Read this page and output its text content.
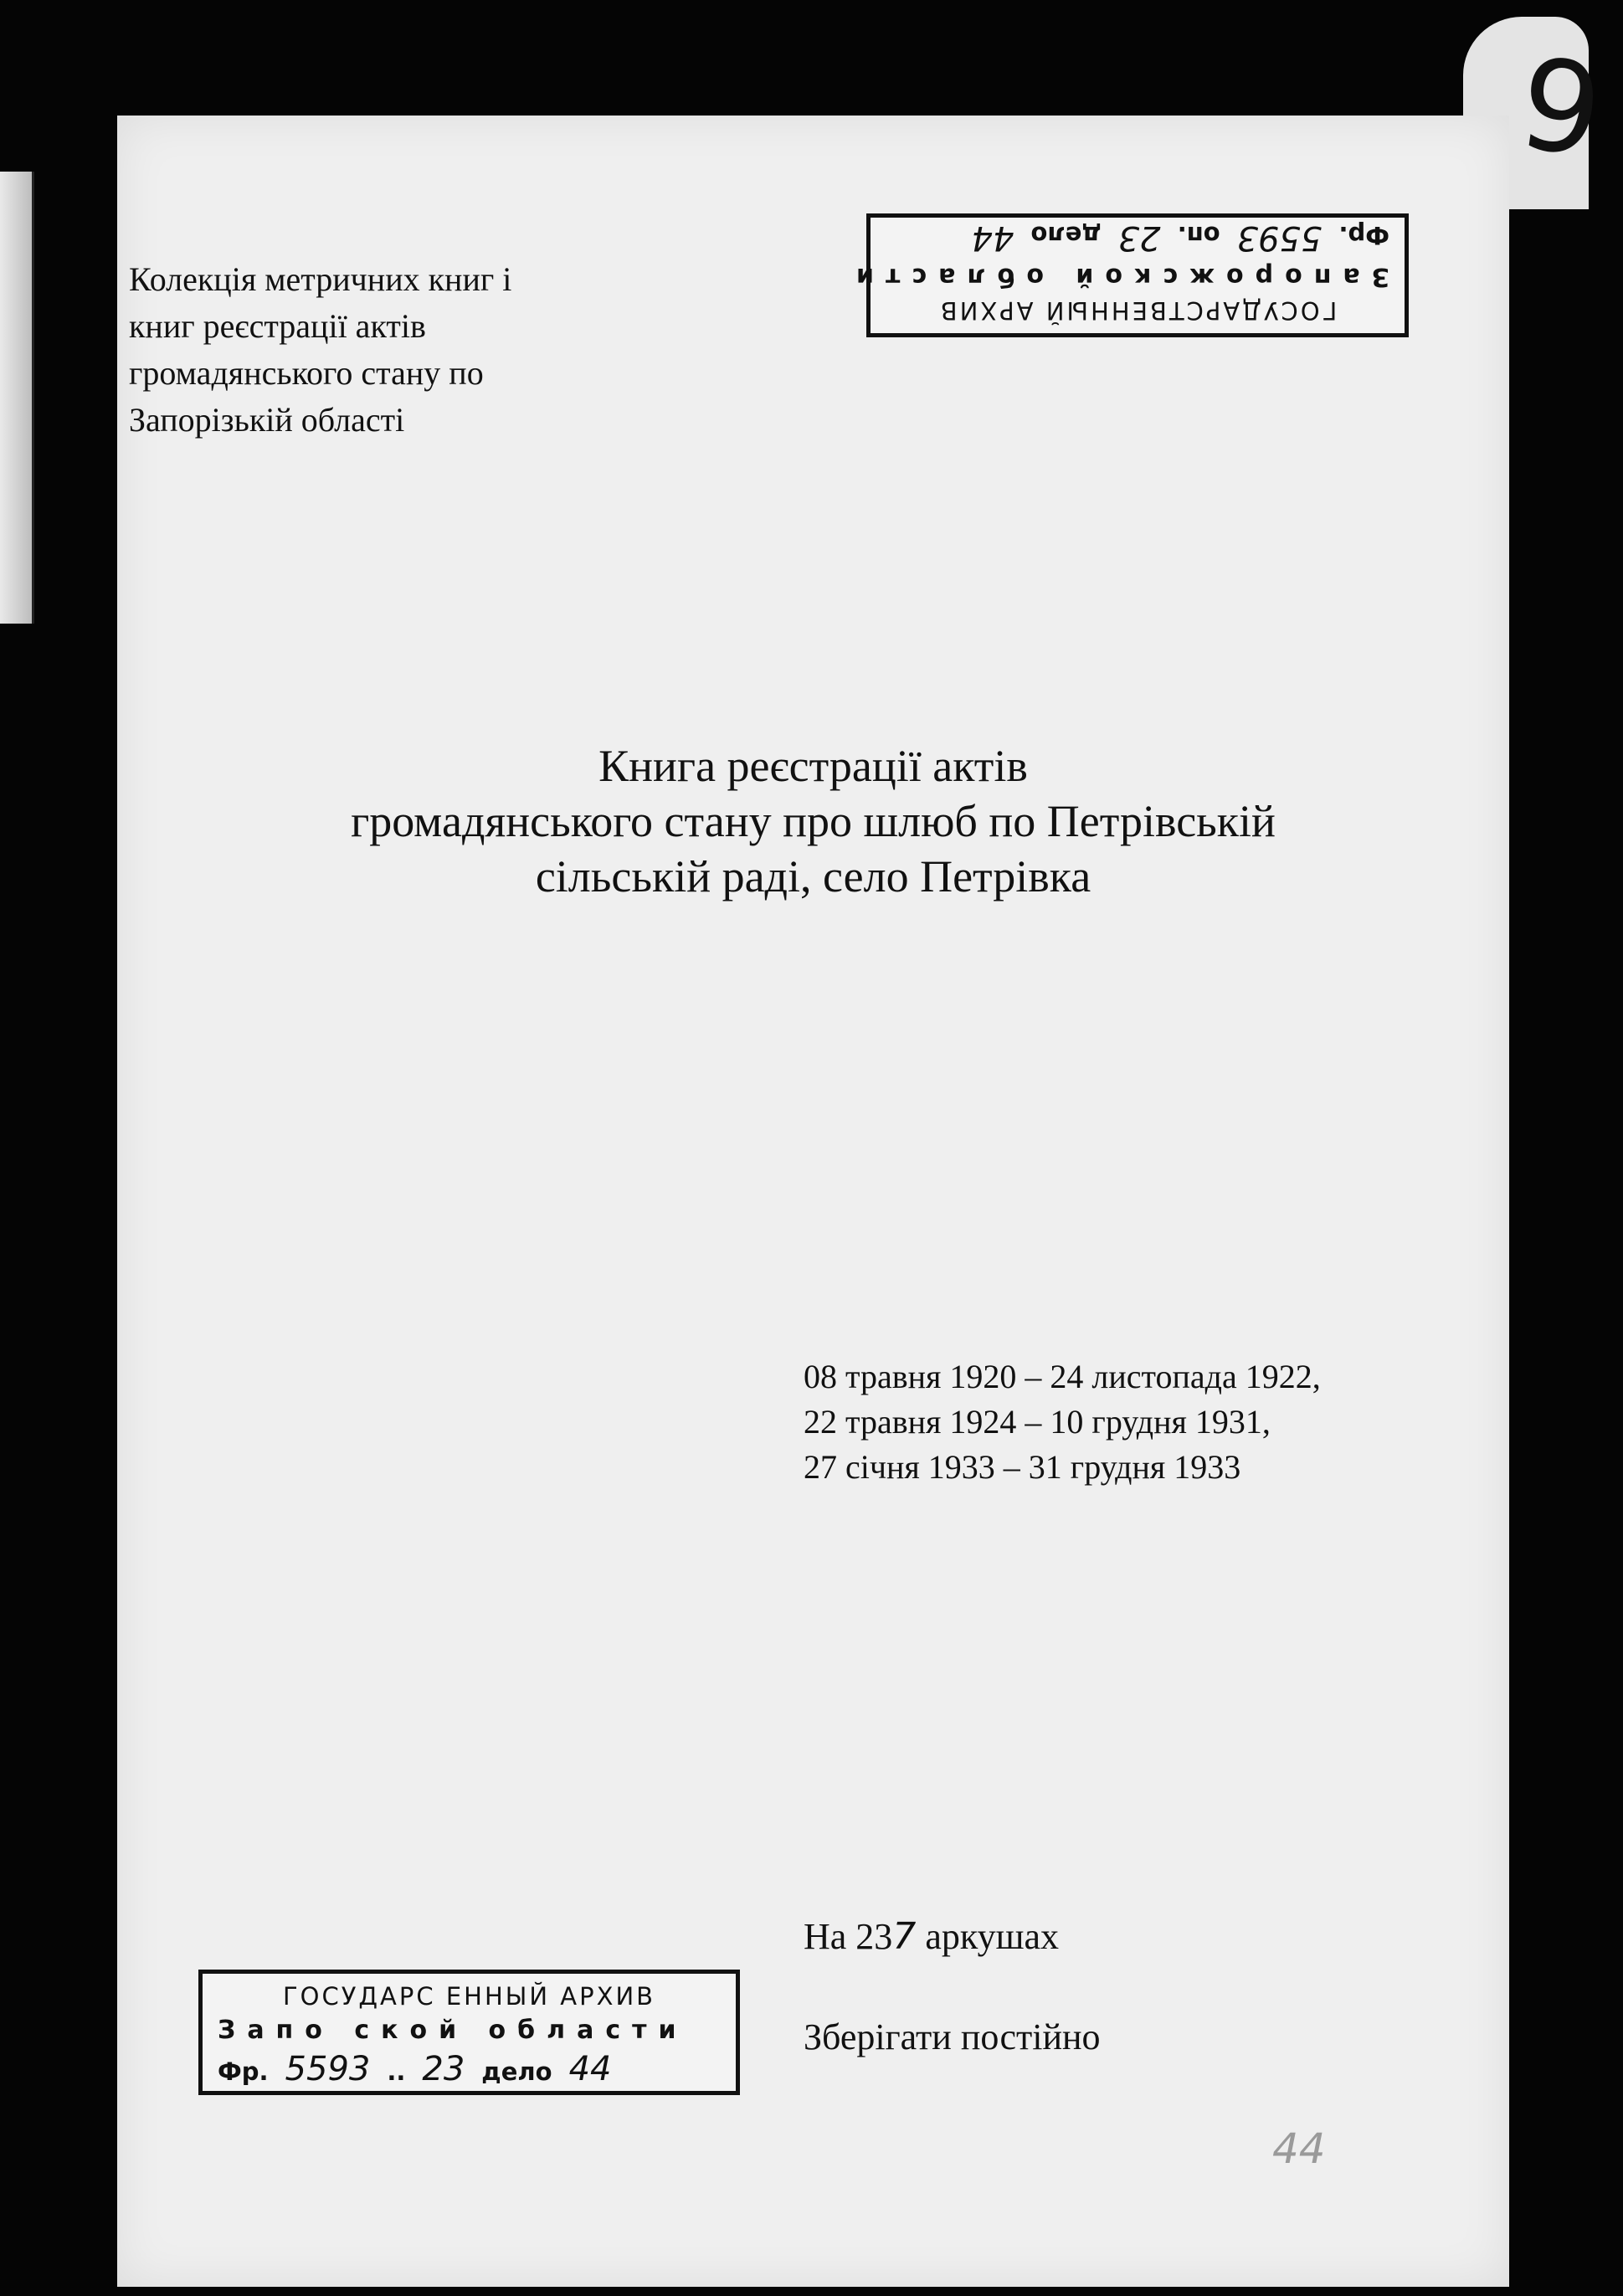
9
Колекція метричних книг і
книг реєстрації актів
громадянського стану по
Запорізькій області
ГОСУДАРСТВЕННЫЙ АРХИВ
Запорожской области
Фр.
5593
оп.
23
дело
44
Книга реєстрації актів
громадянського стану про шлюб по Петрівській
сільській раді, село Петрівка
08 травня 1920 – 24 листопада 1922,
22 травня 1924 – 10 грудня 1931,
27 січня 1933 – 31 грудня 1933
На 237 аркушах
Зберігати постійно
ГОСУДАРС ЕННЫЙ АРХИВ
Запо ской области
Фр. 5593 .. 23 дело 44
44
